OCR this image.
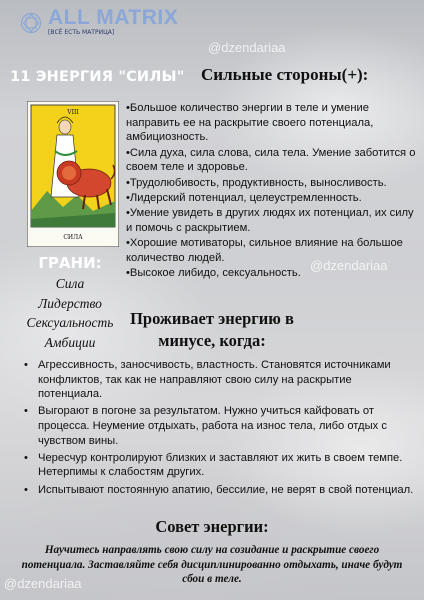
@dzendariaa
@dzendariaa
@dzendariaa
ALL MATRIX
[ВСЁ ЕСТЬ МАТРИЦА]
11 ЭНЕРГИЯ "СИЛЫ" Сильные стороны(+):
VIII
СИЛА
ГРАНИ:
Сила
Лидерство
Сексуальность
Амбиции
• Большое количество энергии в теле и умение направить ее на раскрытие своего потенциала, амбициозность.
• Сила духа, сила слова, сила тела. Умение заботится о своем теле и здоровье.
• Трудолюбивость, продуктивность, выносливость.
• Лидерский потенциал, целеустремленность.
• Умение увидеть в других людях их потенциал, их силу и помочь с раскрытием.
• Хорошие мотиваторы, сильное влияние на большое количество людей.
• Высокое либидо, сексуальность.
Проживает энергию в
минусе, когда:
• Агрессивность, заносчивость, властность. Становятся источниками конфликтов, так как не направляют свою силу на раскрытие потенциала.
• Выгорают в погоне за результатом. Нужно учиться кайфовать от процесса. Неумение отдыхать, работа на износ тела, либо отдых с чувством вины.
• Чересчур контролируют близких и заставляют их жить в своем темпе. Нетерпимы к слабостям других.
• Испытывают постоянную апатию, бессилие, не верят в свой потенциал.
Совет энергии:
Научитесь направлять свою силу на созидание и раскрытие своего потенциала. Заставляйте себя дисциплинированно отдыхать, иначе будут сбои в теле.
